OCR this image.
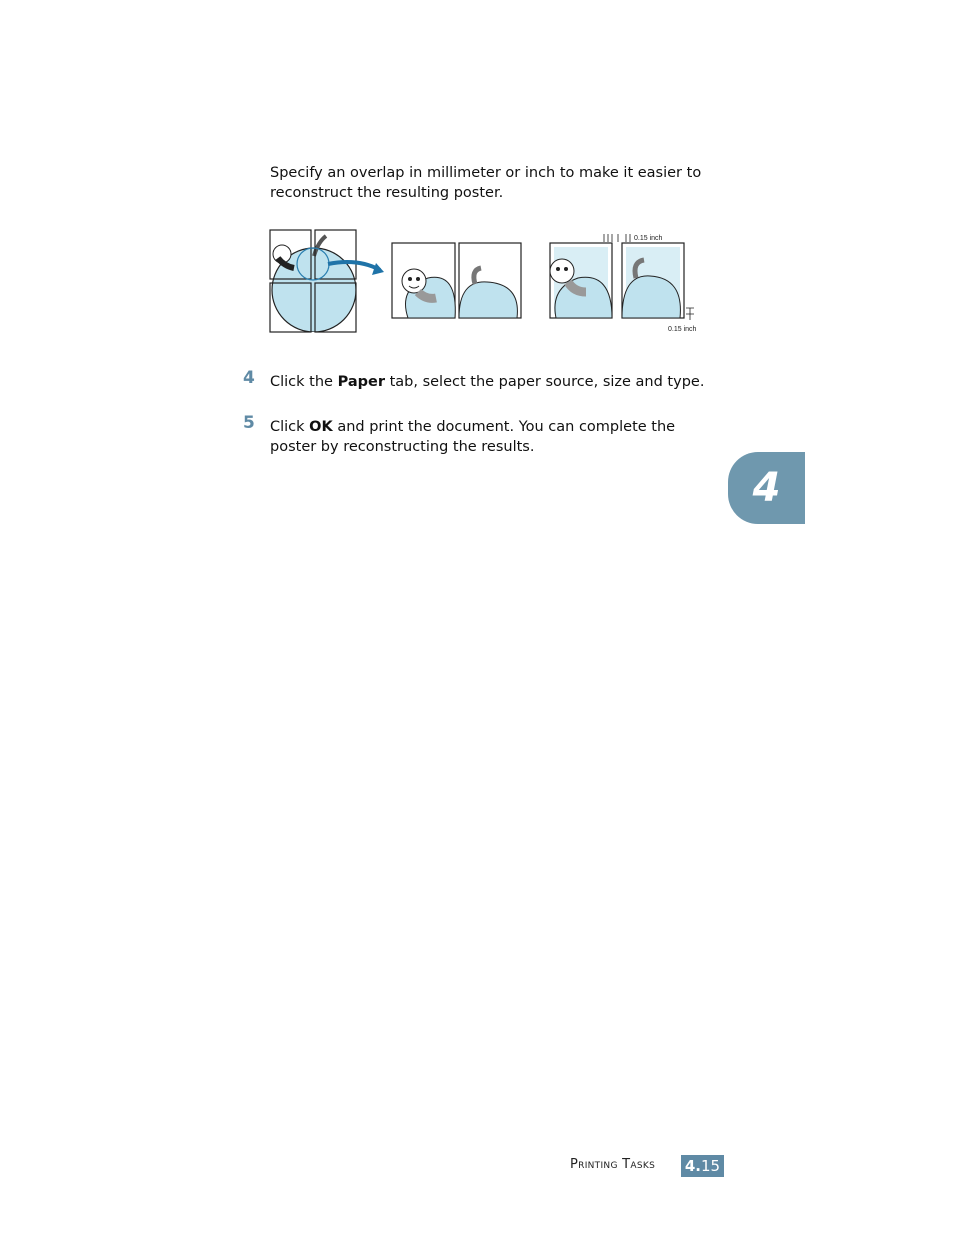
Specify an overlap in millimeter or inch to make it easier to reconstruct the resulting poster.

0.15 inch
0.15 inch
4 Click the Paper tab, select the paper source, size and type.
5 Click OK and print the document. You can complete the poster by reconstructing the results.
4
Printing Tasks 4.15
